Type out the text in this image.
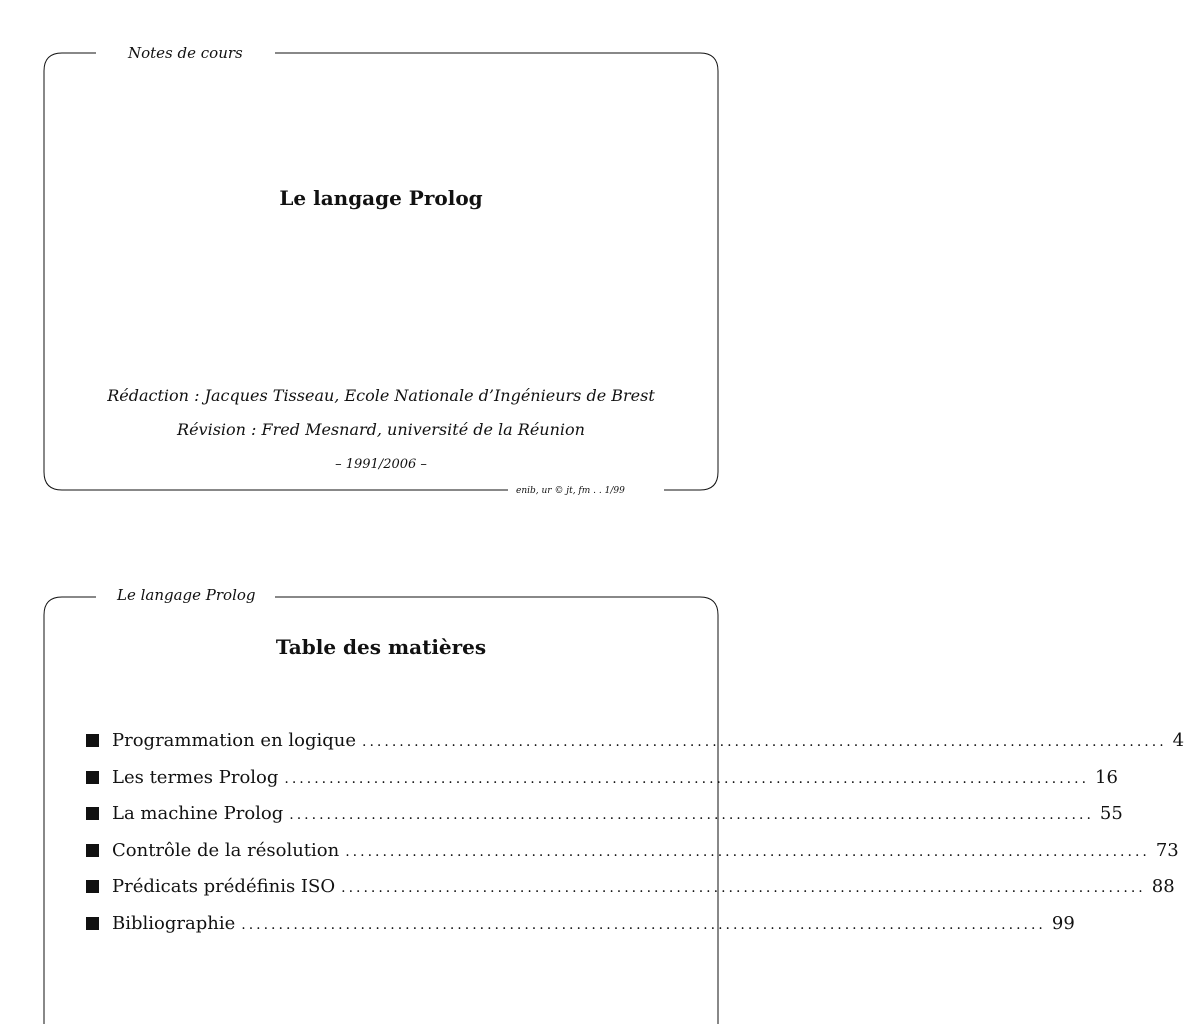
Notes de cours
Le langage Prolog
Rédaction : Jacques Tisseau, Ecole Nationale d’Ingénieurs de Brest
Révision : Fred Mesnard, université de la Réunion
– 1991/2006 –
enib, ur © jt, fm . . 1/99
Le langage Prolog
Table des matières
Programmation en logique ............................................................................................................ 4
Les termes Prolog ............................................................................................................ 16
La machine Prolog ............................................................................................................ 55
Contrôle de la résolution ............................................................................................................ 73
Prédicats prédéfinis ISO ............................................................................................................ 88
Bibliographie ............................................................................................................ 99
